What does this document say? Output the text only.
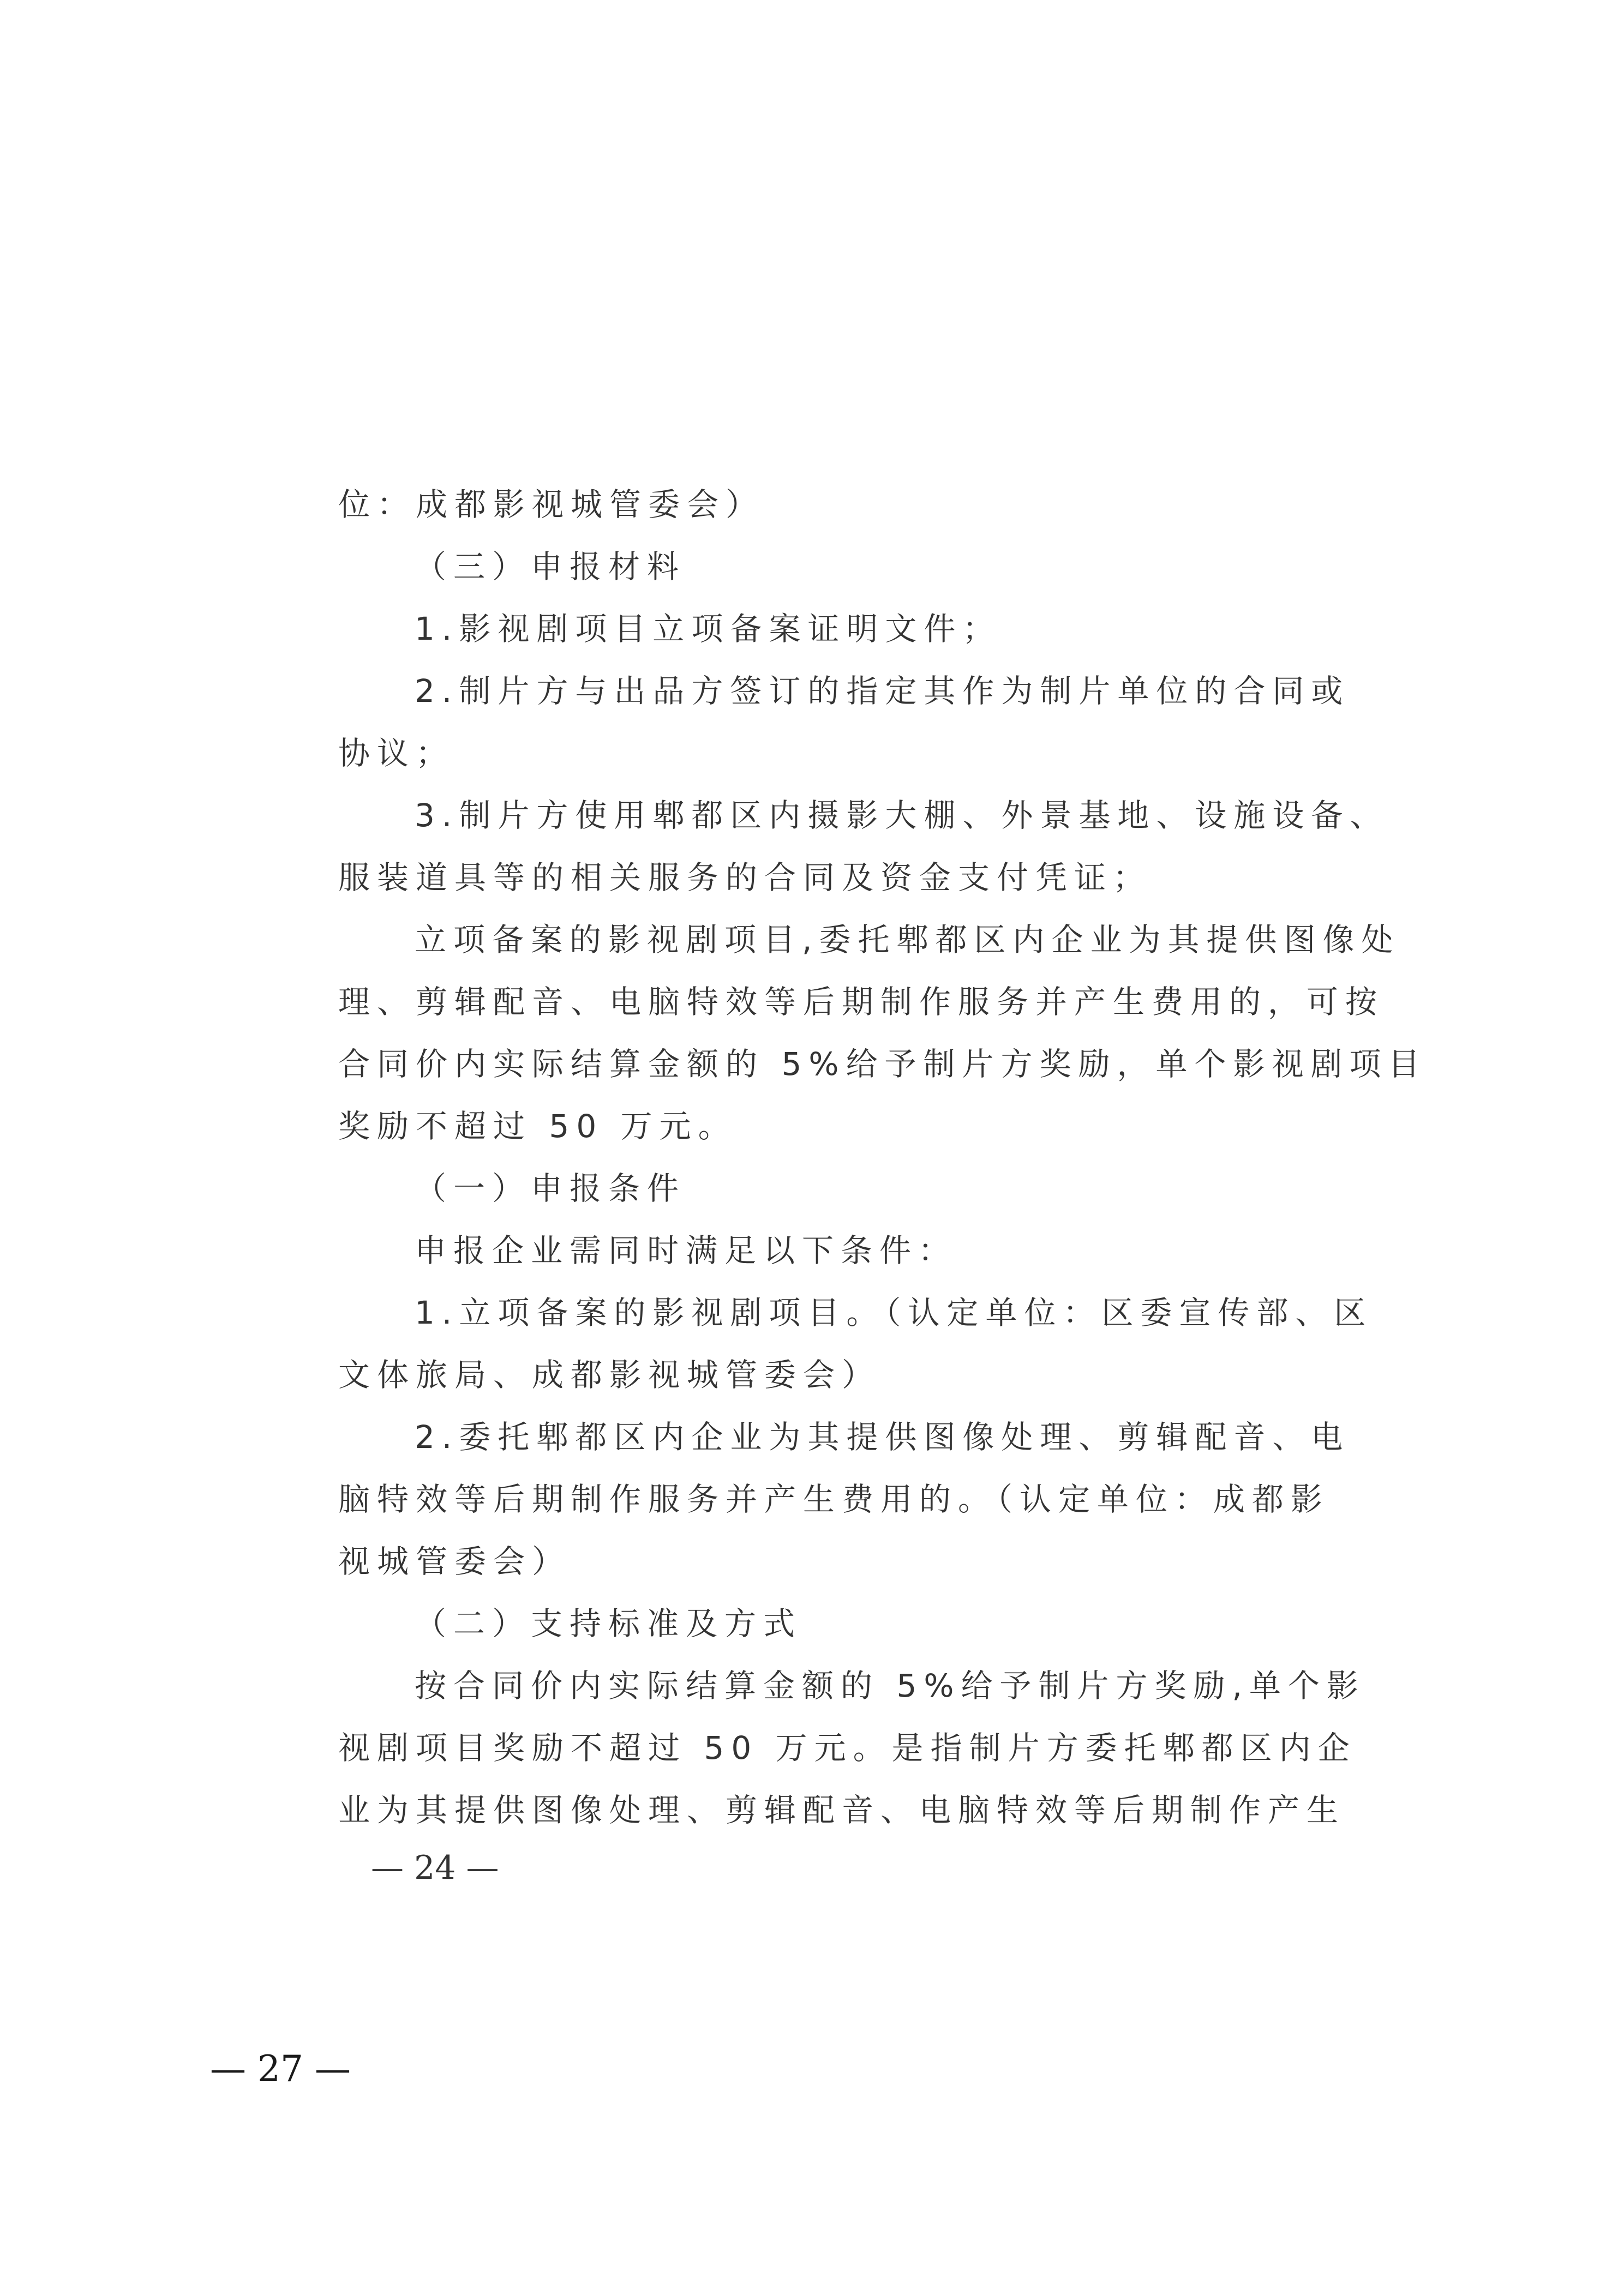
位：成都影视城管委会）
（三）申报材料
1.影视剧项目立项备案证明文件；
2.制片方与出品方签订的指定其作为制片单位的合同或
协议；
3.制片方使用郫都区内摄影大棚、外景基地、设施设备、
服装道具等的相关服务的合同及资金支付凭证；
立项备案的影视剧项目,委托郫都区内企业为其提供图像处
理、剪辑配音、电脑特效等后期制作服务并产生费用的，可按
合同价内实际结算金额的 5%给予制片方奖励，单个影视剧项目
奖励不超过 50 万元。
（一）申报条件
申报企业需同时满足以下条件：
1.立项备案的影视剧项目。（认定单位：区委宣传部、区
文体旅局、成都影视城管委会）
2.委托郫都区内企业为其提供图像处理、剪辑配音、电
脑特效等后期制作服务并产生费用的。（认定单位：成都影
视城管委会）
（二）支持标准及方式
按合同价内实际结算金额的 5%给予制片方奖励,单个影
视剧项目奖励不超过 50 万元。是指制片方委托郫都区内企
业为其提供图像处理、剪辑配音、电脑特效等后期制作产生
— 24 —
— 27 —
